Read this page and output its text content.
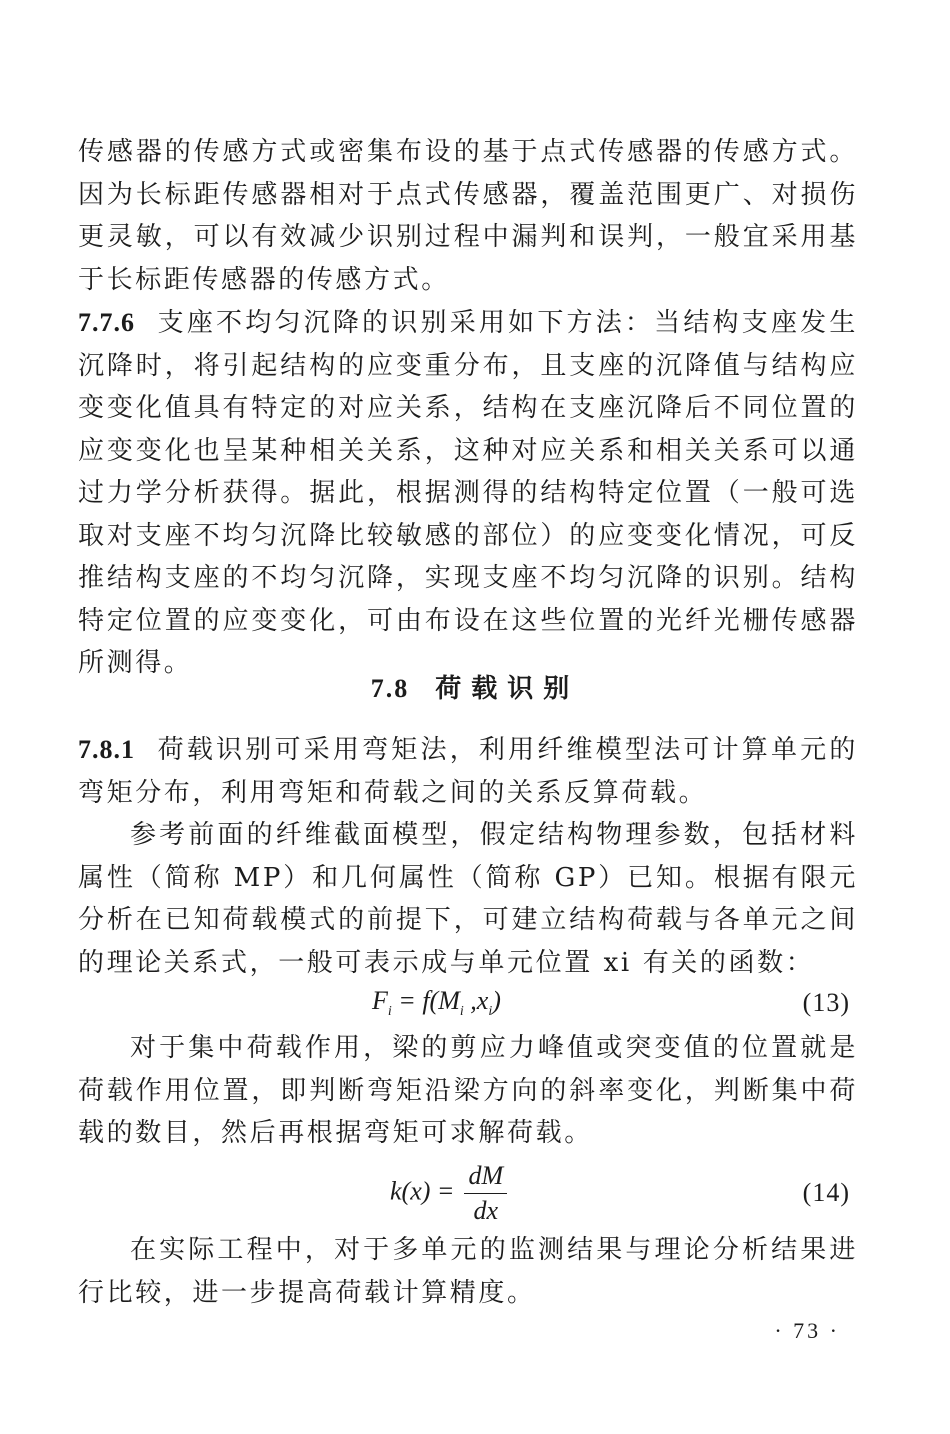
传感器的传感方式或密集布设的基于点式传感器的传感方式。因为长标距传感器相对于点式传感器，覆盖范围更广、对损伤更灵敏，可以有效减少识别过程中漏判和误判，一般宜采用基于长标距传感器的传感方式。

7.7.6 支座不均匀沉降的识别采用如下方法：当结构支座发生沉降时，将引起结构的应变重分布，且支座的沉降值与结构应变变化值具有特定的对应关系，结构在支座沉降后不同位置的应变变化也呈某种相关关系，这种对应关系和相关关系可以通过力学分析获得。据此，根据测得的结构特定位置（一般可选取对支座不均匀沉降比较敏感的部位）的应变变化情况，可反推结构支座的不均匀沉降，实现支座不均匀沉降的识别。结构特定位置的应变变化，可由布设在这些位置的光纤光栅传感器所测得。

7.8 荷载识别

7.8.1 荷载识别可采用弯矩法，利用纤维模型法可计算单元的弯矩分布，利用弯矩和荷载之间的关系反算荷载。

参考前面的纤维截面模型，假定结构物理参数，包括材料属性（简称 MP）和几何属性（简称 GP）已知。根据有限元分析在已知荷载模式的前提下，可建立结构荷载与各单元之间的理论关系式，一般可表示成与单元位置 xi 有关的函数：

$F_i = f(M_i$ $,x_i$)	(13)

对于集中荷载作用，梁的剪应力峰值或突变值的位置就是荷载作用位置，即判断弯矩沿梁方向的斜率变化，判断集中荷载的数目，然后再根据弯矩可求解荷载。

$k(x) = \frac{dM}{dx}$	(14)

在实际工程中，对于多单元的监测结果与理论分析结果进行比较，进一步提高荷载计算精度。

· 73 ·
